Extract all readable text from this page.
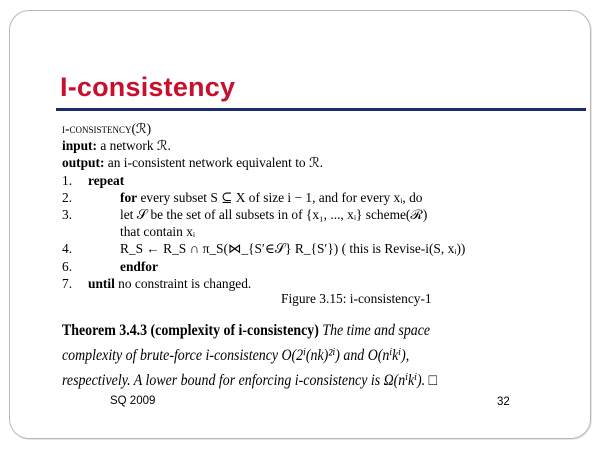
I-consistency
i-consistency(ℛ)
input: a network ℛ.
output: an i-consistent network equivalent to ℛ.
1. repeat
2.	for every subset S ⊆ X of size i − 1, and for every xᵢ, do
3.	let 𝒮 be the set of all subsets in of {x₁, ..., xᵢ} scheme(ℛ)
that contain xᵢ
4.	R_S ← R_S ∩ π_S(⋈_{S′∈𝒮} R_{S′}) ( this is Revise-i(S, xᵢ))
6.	endfor
7. until no constraint is changed.
Figure 3.15: i-consistency-1
Theorem 3.4.3 (complexity of i-consistency) The time and space complexity of brute-force i-consistency O(2ⁱ(nk)²ⁱ) and O(nⁱkⁱ), respectively. A lower bound for enforcing i-consistency is Ω(nⁱkⁱ). □
SQ 2009	32
